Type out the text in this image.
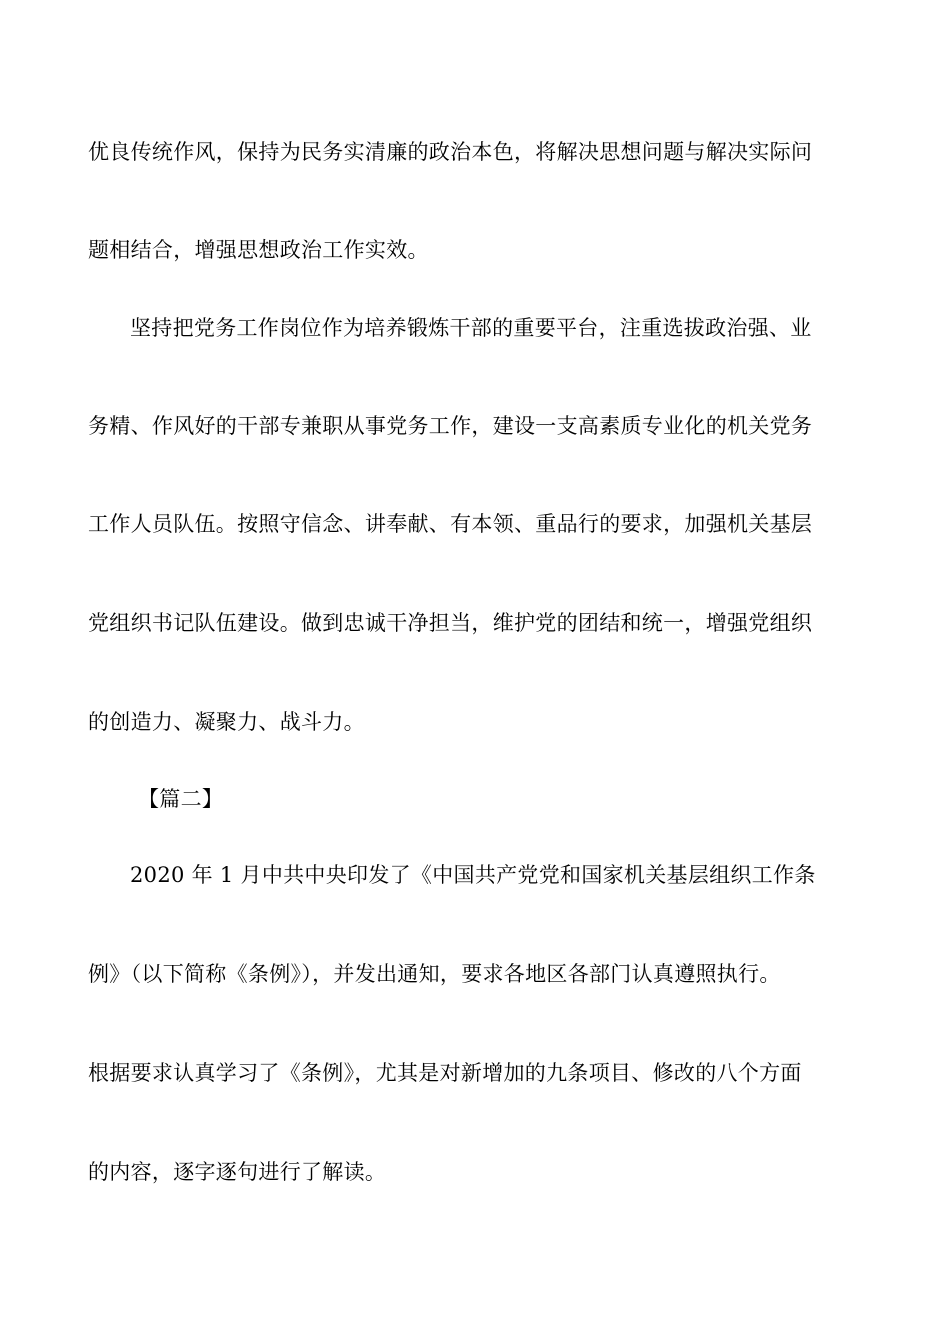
优良传统作风，保持为民务实清廉的政治本色，将解决思想问题与解决实际问
题相结合，增强思想政治工作实效。
坚持把党务工作岗位作为培养锻炼干部的重要平台，注重选拔政治强、业
务精、作风好的干部专兼职从事党务工作，建设一支高素质专业化的机关党务
工作人员队伍。按照守信念、讲奉献、有本领、重品行的要求，加强机关基层
党组织书记队伍建设。做到忠诚干净担当，维护党的团结和统一，增强党组织
的创造力、凝聚力、战斗力。
【篇二】
2020 年 1 月中共中央印发了《中国共产党党和国家机关基层组织工作条
例》（以下简称《条例》），并发出通知，要求各地区各部门认真遵照执行。
根据要求认真学习了《条例》，尤其是对新增加的九条项目、修改的八个方面
的内容，逐字逐句进行了解读。
